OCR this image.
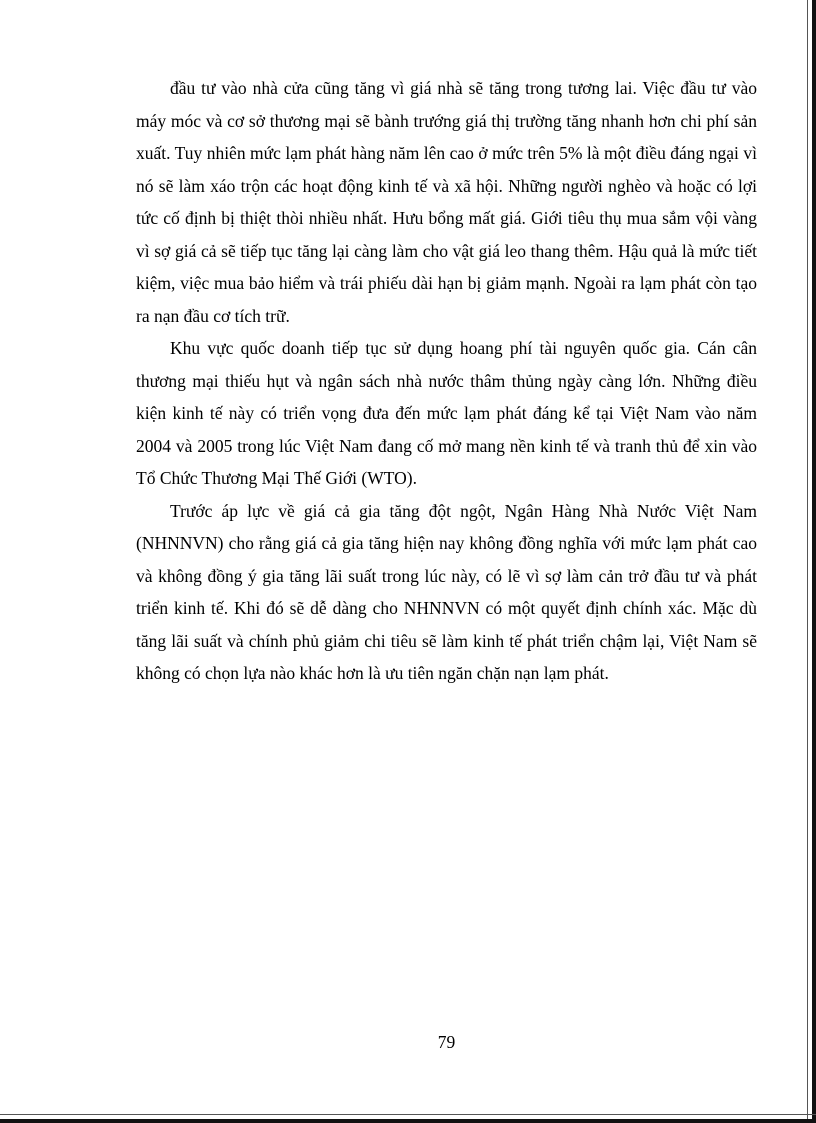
đầu tư vào nhà cửa cũng tăng vì giá nhà sẽ tăng trong tương lai. Việc đầu tư vào máy móc và cơ sở thương mại sẽ bành trướng giá thị trường tăng nhanh hơn chi phí sản xuất. Tuy nhiên mức lạm phát hàng năm lên cao ở mức trên 5% là một điều đáng ngại vì nó sẽ làm xáo trộn các hoạt động kinh tế và xã hội. Những người nghèo và hoặc có lợi tức cố định bị thiệt thòi nhiều nhất. Hưu bổng mất giá. Giới tiêu thụ mua sắm vội vàng vì sợ giá cả sẽ tiếp tục tăng lại càng làm cho vật giá leo thang thêm. Hậu quả là mức tiết kiệm, việc mua bảo hiểm và trái phiếu dài hạn bị giảm mạnh. Ngoài ra lạm phát còn tạo ra nạn đầu cơ tích trữ.

Khu vực quốc doanh tiếp tục sử dụng hoang phí tài nguyên quốc gia. Cán cân thương mại thiếu hụt và ngân sách nhà nước thâm thủng ngày càng lớn. Những điều kiện kinh tế này có triển vọng đưa đến mức lạm phát đáng kể tại Việt Nam vào năm 2004 và 2005 trong lúc Việt Nam đang cố mở mang nền kinh tế và tranh thủ để xin vào Tổ Chức Thương Mại Thế Giới (WTO).

Trước áp lực về giá cả gia tăng đột ngột, Ngân Hàng Nhà Nước Việt Nam (NHNNVN) cho rằng giá cả gia tăng hiện nay không đồng nghĩa với mức lạm phát cao và không đồng ý gia tăng lãi suất trong lúc này, có lẽ vì sợ làm cản trở đầu tư và phát triển kinh tế. Khi đó sẽ dễ dàng cho NHNNVN có một quyết định chính xác. Mặc dù tăng lãi suất và chính phủ giảm chi tiêu sẽ làm kinh tế phát triển chậm lại, Việt Nam sẽ không có chọn lựa nào khác hơn là ưu tiên ngăn chặn nạn lạm phát.

79
